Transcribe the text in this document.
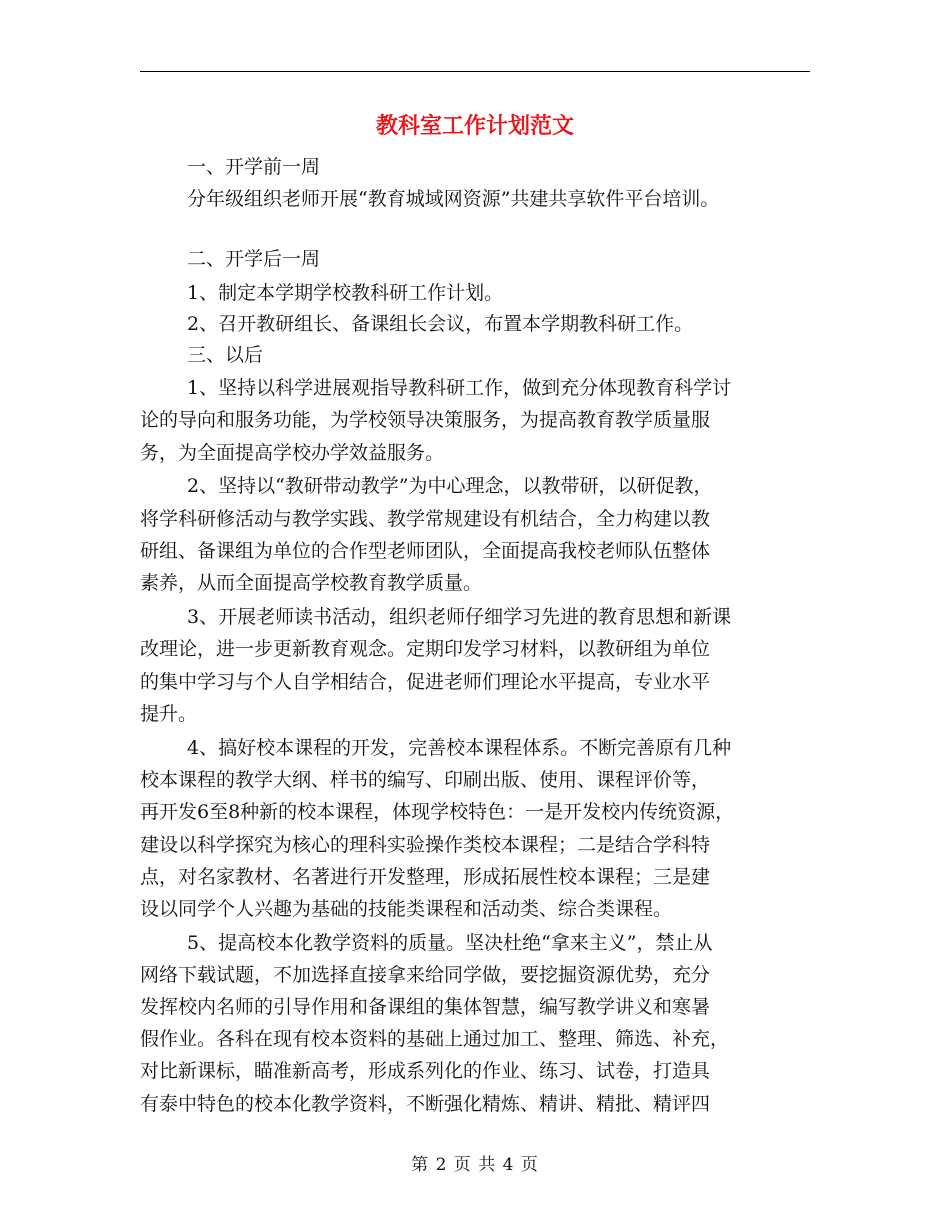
教科室工作计划范文

一、开学前一周

分年级组织老师开展“教育城域网资源”共建共享软件平台培训。

二、开学后一周

1、制定本学期学校教科研工作计划。

2、召开教研组长、备课组长会议，布置本学期教科研工作。

三、以后

1、坚持以科学进展观指导教科研工作，做到充分体现教育科学讨

论的导向和服务功能，为学校领导决策服务，为提高教育教学质量服

务，为全面提高学校办学效益服务。

2、坚持以“教研带动教学”为中心理念，以教带研，以研促教，

将学科研修活动与教学实践、教学常规建设有机结合，全力构建以教

研组、备课组为单位的合作型老师团队，全面提高我校老师队伍整体

素养，从而全面提高学校教育教学质量。

3、开展老师读书活动，组织老师仔细学习先进的教育思想和新课

改理论，进一步更新教育观念。定期印发学习材料，以教研组为单位

的集中学习与个人自学相结合，促进老师们理论水平提高，专业水平

提升。

4、搞好校本课程的开发，完善校本课程体系。不断完善原有几种

校本课程的教学大纲、样书的编写、印刷出版、使用、课程评价等，

再开发6至8种新的校本课程，体现学校特色：一是开发校内传统资源，

建设以科学探究为核心的理科实验操作类校本课程；二是结合学科特

点，对名家教材、名著进行开发整理，形成拓展性校本课程；三是建

设以同学个人兴趣为基础的技能类课程和活动类、综合类课程。

5、提高校本化教学资料的质量。坚决杜绝“拿来主义”，禁止从

网络下载试题，不加选择直接拿来给同学做，要挖掘资源优势，充分

发挥校内名师的引导作用和备课组的集体智慧，编写教学讲义和寒暑

假作业。各科在现有校本资料的基础上通过加工、整理、筛选、补充，

对比新课标，瞄准新高考，形成系列化的作业、练习、试卷，打造具

有泰中特色的校本化教学资料，不断强化精炼、精讲、精批、精评四

第 2 页 共 4 页
